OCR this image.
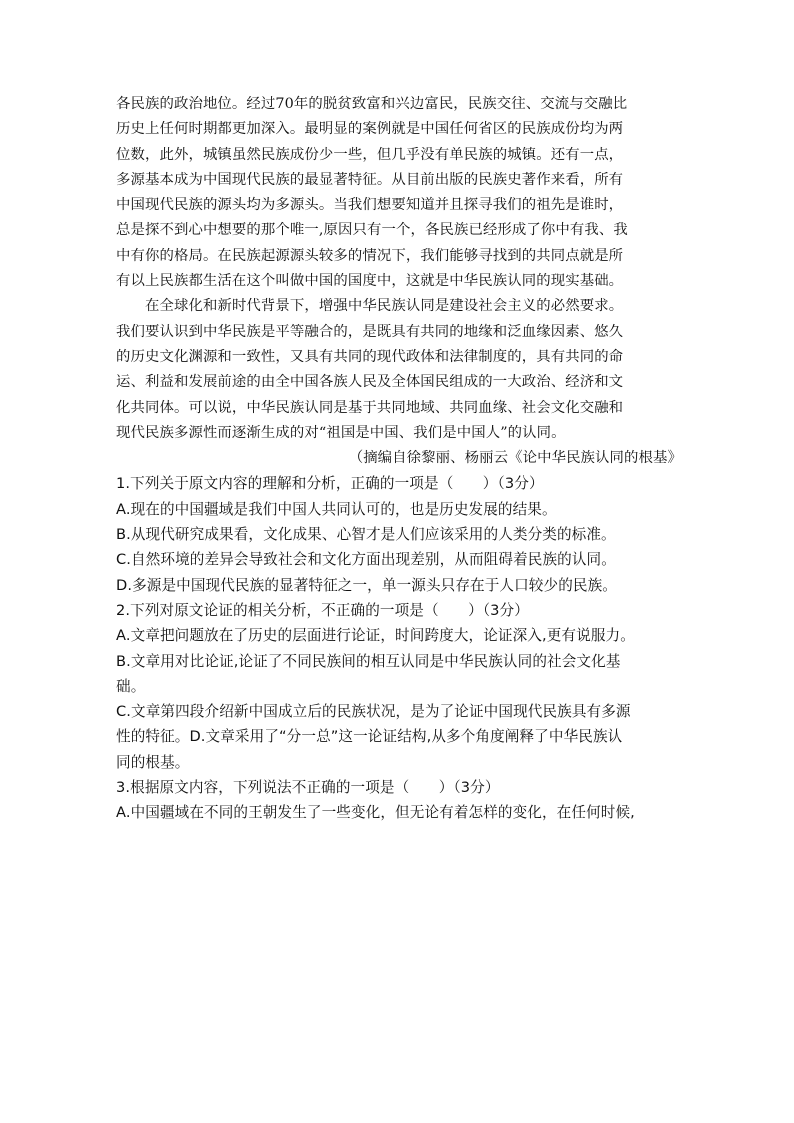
各民族的政治地位。经过70年的脱贫致富和兴边富民，民族交往、交流与交融比
历史上任何时期都更加深入。最明显的案例就是中国任何省区的民族成份均为两
位数，此外，城镇虽然民族成份少一些，但几乎没有单民族的城镇。还有一点，
多源基本成为中国现代民族的最显著特征。从目前出版的民族史著作来看，所有
中国现代民族的源头均为多源头。当我们想要知道并且探寻我们的祖先是谁时，
总是探不到心中想要的那个唯一,原因只有一个，各民族已经形成了你中有我、我
中有你的格局。在民族起源源头较多的情况下，我们能够寻找到的共同点就是所
有以上民族都生活在这个叫做中国的国度中，这就是中华民族认同的现实基础。
在全球化和新时代背景下，增强中华民族认同是建设社会主义的必然要求。
我们要认识到中华民族是平等融合的，是既具有共同的地缘和泛血缘因素、悠久
的历史文化渊源和一致性，又具有共同的现代政体和法律制度的，具有共同的命
运、利益和发展前途的由全中国各族人民及全体国民组成的一大政治、经济和文
化共同体。可以说，中华民族认同是基于共同地域、共同血缘、社会文化交融和
现代民族多源性而逐渐生成的对“祖国是中国、我们是中国人”的认同。
（摘编自徐黎丽、杨丽云《论中华民族认同的根基》
1.下列关于原文内容的理解和分析，正确的一项是（　　）（3分）
A.现在的中国疆域是我们中国人共同认可的，也是历史发展的结果。
B.从现代研究成果看，文化成果、心智才是人们应该采用的人类分类的标准。
C.自然环境的差异会导致社会和文化方面出现差别，从而阻碍着民族的认同。
D.多源是中国现代民族的显著特征之一，单一源头只存在于人口较少的民族。
2.下列对原文论证的相关分析，不正确的一项是（　　）（3分）
A.文章把问题放在了历史的层面进行论证，时间跨度大，论证深入,更有说服力。
B.文章用对比论证,论证了不同民族间的相互认同是中华民族认同的社会文化基
础。
C.文章第四段介绍新中国成立后的民族状况，是为了论证中国现代民族具有多源
性的特征。D.文章采用了“分一总”这一论证结构,从多个角度阐释了中华民族认
同的根基。
3.根据原文内容，下列说法不正确的一项是（　　）（3分）
A.中国疆域在不同的王朝发生了一些变化，但无论有着怎样的变化，在任何时候,
